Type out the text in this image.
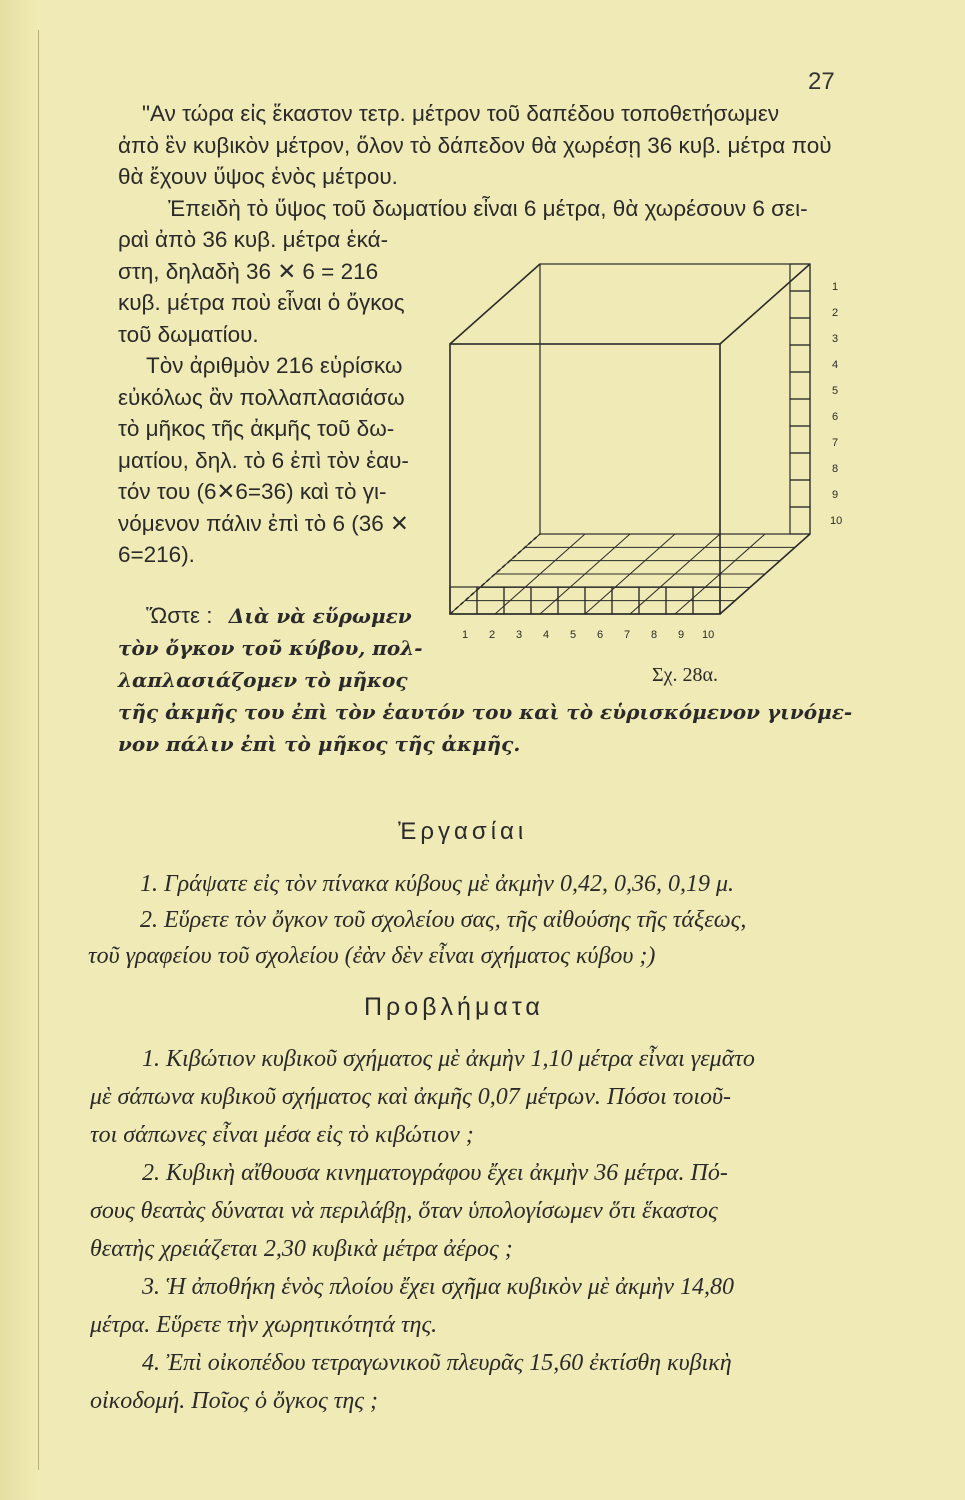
27
"Αν τώρα εἰς ἕκαστον τετρ. μέτρον τοῦ δαπέδου τοποθετήσωμεν
ἀπὸ ἓν κυβικὸν μέτρον, ὅλον τὸ δάπεδον θὰ χωρέσῃ 36 κυβ. μέτρα ποὺ
θὰ ἔχουν ὕψος ἑνὸς μέτρου.
Ἐπειδὴ τὸ ὕψος τοῦ δωματίου εἶναι 6 μέτρα, θὰ χωρέσουν 6 σει-
ραὶ ἀπὸ 36 κυβ. μέτρα ἑκά-
στη, δηλαδὴ 36 ✕ 6 = 216
κυβ. μέτρα ποὺ εἶναι ὁ ὄγκος
τοῦ δωματίου.
Τὸν ἀριθμὸν 216 εὑρίσκω
εὐκόλως ἂν πολλαπλασιάσω
τὸ μῆκος τῆς ἀκμῆς τοῦ δω-
ματίου, δηλ. τὸ 6 ἐπὶ τὸν ἑαυ-
τόν του (6✕6=36) καὶ τὸ γι-
νόμενον πάλιν ἐπὶ τὸ 6 (36 ✕
6=216).
Ὥστε : Διὰ νὰ εὕρωμεν
τὸν ὄγκον τοῦ κύβου, πολ-
λαπλασιάζομεν τὸ μῆκος
τῆς ἀκμῆς του ἐπὶ τὸν ἑαυτόν του καὶ τὸ εὑρισκόμενον γινόμε-
νον πάλιν ἐπὶ τὸ μῆκος τῆς ἀκμῆς.
1 2 3 4 5 6 7 8 9 10
1
2
3
4
5
6
7
8
9
10
Σχ. 28α.
Ἐργασίαι
1. Γράψατε εἰς τὸν πίνακα κύβους μὲ ἀκμὴν 0,42, 0,36, 0,19 μ.
2. Εὕρετε τὸν ὄγκον τοῦ σχολείου σας, τῆς αἰθούσης τῆς τάξεως,
τοῦ γραφείου τοῦ σχολείου (ἐὰν δὲν εἶναι σχήματος κύβου ;)
Προβλήματα
1. Κιβώτιον κυβικοῦ σχήματος μὲ ἀκμὴν 1,10 μέτρα εἶναι γεμᾶτο
μὲ σάπωνα κυβικοῦ σχήματος καὶ ἀκμῆς 0,07 μέτρων. Πόσοι τοιοῦ-
τοι σάπωνες εἶναι μέσα εἰς τὸ κιβώτιον ;
2. Κυβικὴ αἴθουσα κινηματογράφου ἔχει ἀκμὴν 36 μέτρα. Πό-
σους θεατὰς δύναται νὰ περιλάβῃ, ὅταν ὑπολογίσωμεν ὅτι ἕκαστος
θεατὴς χρειάζεται 2,30 κυβικὰ μέτρα ἀέρος ;
3. Ἡ ἀποθήκη ἑνὸς πλοίου ἔχει σχῆμα κυβικὸν μὲ ἀκμὴν 14,80
μέτρα. Εὕρετε τὴν χωρητικότητά της.
4. Ἐπὶ οἰκοπέδου τετραγωνικοῦ πλευρᾶς 15,60 ἐκτίσθη κυβικὴ
οἰκοδομή. Ποῖος ὁ ὄγκος της ;
